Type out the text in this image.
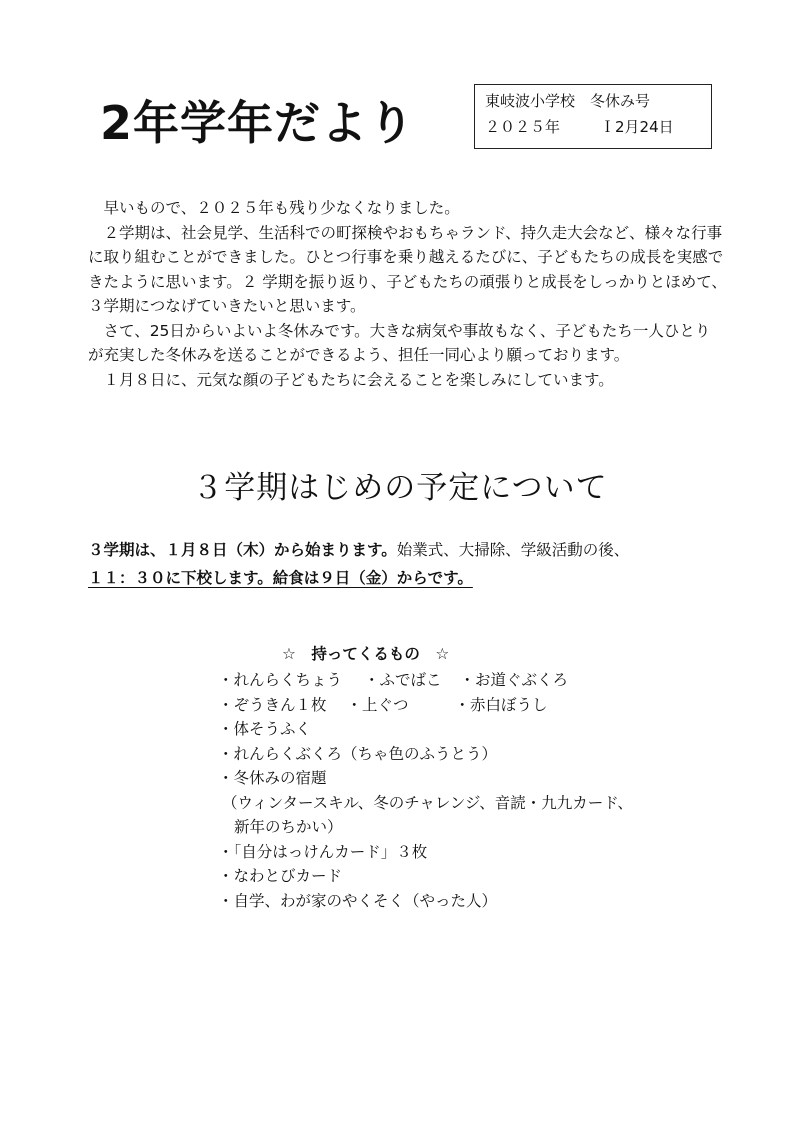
2年学年だより	東岐波小学校　冬休み号
２０２５年	Ｉ2月24日

早いもので、２０２５年も残り少なくなりました。

２学期は、社会見学、生活科での町探検やおもちゃランド、持久走大会など、様々な行事

に取り組むことができました。ひとつ行事を乗り越えるたびに、子どもたちの成長を実感で

きたように思います。２ 学期を振り返り、子どもたちの頑張りと成長をしっかりとほめて、

３学期につなげていきたいと思います。

さて、25日からいよいよ冬休みです。大きな病気や事故もなく、子どもたち一人ひとり

が充実した冬休みを送ることができるよう、担任一同心より願っております。

１月８日に、元気な顔の子どもたちに会えることを楽しみにしています。

３学期はじめの予定について
３学期は、１月８日（木）から始まります。始業式、大掃除、学級活動の後、
１１：３０に下校します。給食は９日（金）からです。
☆　持ってくるもの　☆
・れんらくちょう ・ふでばこ ・お道ぐぶくろ
・ぞうきん１枚 ・上ぐつ	・赤白ぼうし
・体そうふく
・れんらくぶくろ（ちゃ色のふうとう）
・冬休みの宿題
（ウィンタースキル、冬のチャレンジ、音読・九九カード、
新年のちかい）
・「自分はっけんカード」３枚
・なわとびカード
・自学、わが家のやくそく（やった人）
